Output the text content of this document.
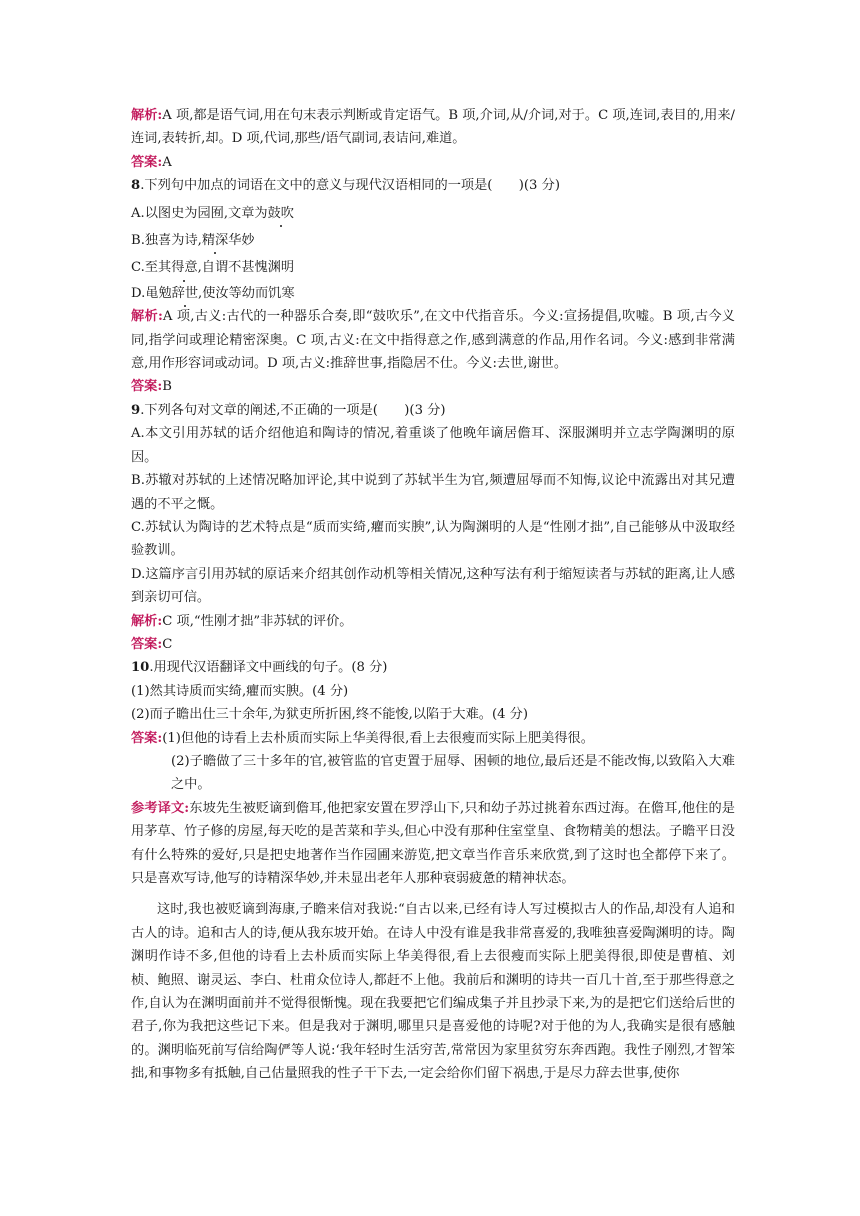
解析:A 项,都是语气词,用在句末表示判断或肯定语气。B 项,介词,从/介词,对于。C 项,连词,表目的,用来/连词,表转折,却。D 项,代词,那些/语气副词,表诘问,难道。

答案:A

8.下列句中加点的词语在文中的意义与现代汉语相同的一项是(　　)(3 分)

A.以图史为园囿,文章为鼓吹

B.独喜为诗,精深华妙

C.至其得意,自谓不甚愧渊明

D.黾勉辞世,使汝等幼而饥寒

解析:A 项,古义:古代的一种器乐合奏,即“鼓吹乐”,在文中代指音乐。今义:宣扬提倡,吹嘘。B 项,古今义同,指学问或理论精密深奥。C 项,古义:在文中指得意之作,感到满意的作品,用作名词。今义:感到非常满意,用作形容词或动词。D 项,古义:推辞世事,指隐居不仕。今义:去世,谢世。

答案:B

9.下列各句对文章的阐述,不正确的一项是(　　)(3 分)

A.本文引用苏轼的话介绍他追和陶诗的情况,着重谈了他晚年谪居儋耳、深服渊明并立志学陶渊明的原因。

B.苏辙对苏轼的上述情况略加评论,其中说到了苏轼半生为官,频遭屈辱而不知悔,议论中流露出对其兄遭遇的不平之慨。

C.苏轼认为陶诗的艺术特点是“质而实绮,癯而实腴”,认为陶渊明的人是“性刚才拙”,自己能够从中汲取经验教训。

D.这篇序言引用苏轼的原话来介绍其创作动机等相关情况,这种写法有利于缩短读者与苏轼的距离,让人感到亲切可信。

解析:C 项,“性刚才拙”非苏轼的评价。

答案:C

10.用现代汉语翻译文中画线的句子。(8 分)

(1)然其诗质而实绮,癯而实腴。(4 分)

(2)而子瞻出仕三十余年,为狱吏所折困,终不能悛,以陷于大难。(4 分)

答案:(1)但他的诗看上去朴质而实际上华美得很,看上去很瘦而实际上肥美得很。

(2)子瞻做了三十多年的官,被管监的官吏置于屈辱、困顿的地位,最后还是不能改悔,以致陷入大难之中。

参考译文:东坡先生被贬谪到儋耳,他把家安置在罗浮山下,只和幼子苏过挑着东西过海。在儋耳,他住的是用茅草、竹子修的房屋,每天吃的是苦菜和芋头,但心中没有那种住室堂皇、食物精美的想法。子瞻平日没有什么特殊的爱好,只是把史地著作当作园圃来游览,把文章当作音乐来欣赏,到了这时也全都停下来了。只是喜欢写诗,他写的诗精深华妙,并未显出老年人那种衰弱疲惫的精神状态。

这时,我也被贬谪到海康,子瞻来信对我说:“自古以来,已经有诗人写过模拟古人的作品,却没有人追和古人的诗。追和古人的诗,便从我东坡开始。在诗人中没有谁是我非常喜爱的,我唯独喜爱陶渊明的诗。陶渊明作诗不多,但他的诗看上去朴质而实际上华美得很,看上去很瘦而实际上肥美得很,即使是曹植、刘桢、鲍照、谢灵运、李白、杜甫众位诗人,都赶不上他。我前后和渊明的诗共一百几十首,至于那些得意之作,自认为在渊明面前并不觉得很惭愧。现在我要把它们编成集子并且抄录下来,为的是把它们送给后世的君子,你为我把这些记下来。但是我对于渊明,哪里只是喜爱他的诗呢?对于他的为人,我确实是很有感触的。渊明临死前写信给陶俨等人说:‘我年轻时生活穷苦,常常因为家里贫穷东奔西跑。我性子刚烈,才智笨拙,和事物多有抵触,自己估量照我的性子干下去,一定会给你们留下祸患,于是尽力辞去世事,使你
